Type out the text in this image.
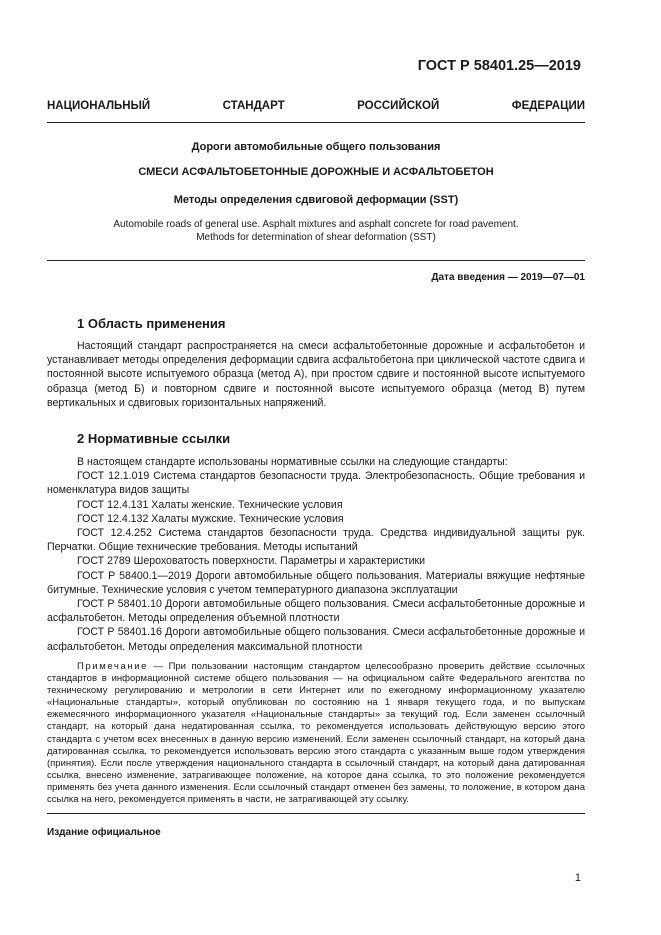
ГОСТ Р 58401.25—2019
НАЦИОНАЛЬНЫЙ СТАНДАРТ РОССИЙСКОЙ ФЕДЕРАЦИИ
Дороги автомобильные общего пользования
СМЕСИ АСФАЛЬТОБЕТОННЫЕ ДОРОЖНЫЕ И АСФАЛЬТОБЕТОН
Методы определения сдвиговой деформации (SST)
Automobile roads of general use. Asphalt mixtures and asphalt concrete for road pavement.
Methods for determination of shear deformation (SST)
Дата введения — 2019—07—01
1 Область применения

Настоящий стандарт распространяется на смеси асфальтобетонные дорожные и асфальтобетон и устанавливает методы определения деформации сдвига асфальтобетона при циклической частоте сдвига и постоянной высоте испытуемого образца (метод А), при простом сдвиге и постоянной высоте испытуемого образца (метод Б) и повторном сдвиге и постоянной высоте испытуемого образца (метод В) путем вертикальных и сдвиговых горизонтальных напряжений.

2 Нормативные ссылки

В настоящем стандарте использованы нормативные ссылки на следующие стандарты:

ГОСТ 12.1.019 Система стандартов безопасности труда. Электробезопасность. Общие требования и номенклатура видов защиты

ГОСТ 12.4.131 Халаты женские. Технические условия

ГОСТ 12.4.132 Халаты мужские. Технические условия

ГОСТ 12.4.252 Система стандартов безопасности труда. Средства индивидуальной защиты рук. Перчатки. Общие технические требования. Методы испытаний

ГОСТ 2789 Шероховатость поверхности. Параметры и характеристики

ГОСТ Р 58400.1—2019 Дороги автомобильные общего пользования. Материалы вяжущие нефтяные битумные. Технические условия с учетом температурного диапазона эксплуатации

ГОСТ Р 58401.10 Дороги автомобильные общего пользования. Смеси асфальтобетонные дорожные и асфальтобетон. Методы определения объемной плотности

ГОСТ Р 58401.16 Дороги автомобильные общего пользования. Смеси асфальтобетонные дорожные и асфальтобетон. Методы определения максимальной плотности

Примечание — При пользовании настоящим стандартом целесообразно проверить действие ссылочных стандартов в информационной системе общего пользования — на официальном сайте Федерального агентства по техническому регулированию и метрологии в сети Интернет или по ежегодному информационному указателю «Национальные стандарты», который опубликован по состоянию на 1 января текущего года, и по выпускам ежемесячного информационного указателя «Национальные стандарты» за текущий год. Если заменен ссылочный стандарт, на который дана недатированная ссылка, то рекомендуется использовать действующую версию этого стандарта с учетом всех внесенных в данную версию изменений. Если заменен ссылочный стандарт, на который дана датированная ссылка, то рекомендуется использовать версию этого стандарта с указанным выше годом утверждения (принятия). Если после утверждения национального стандарта в ссылочный стандарт, на который дана датированная ссылка, внесено изменение, затрагивающее положение, на которое дана ссылка, то это положение рекомендуется применять без учета данного изменения. Если ссылочный стандарт отменен без замены, то положение, в котором дана ссылка на него, рекомендуется применять в части, не затрагивающей эту ссылку.

Издание официальное
1
